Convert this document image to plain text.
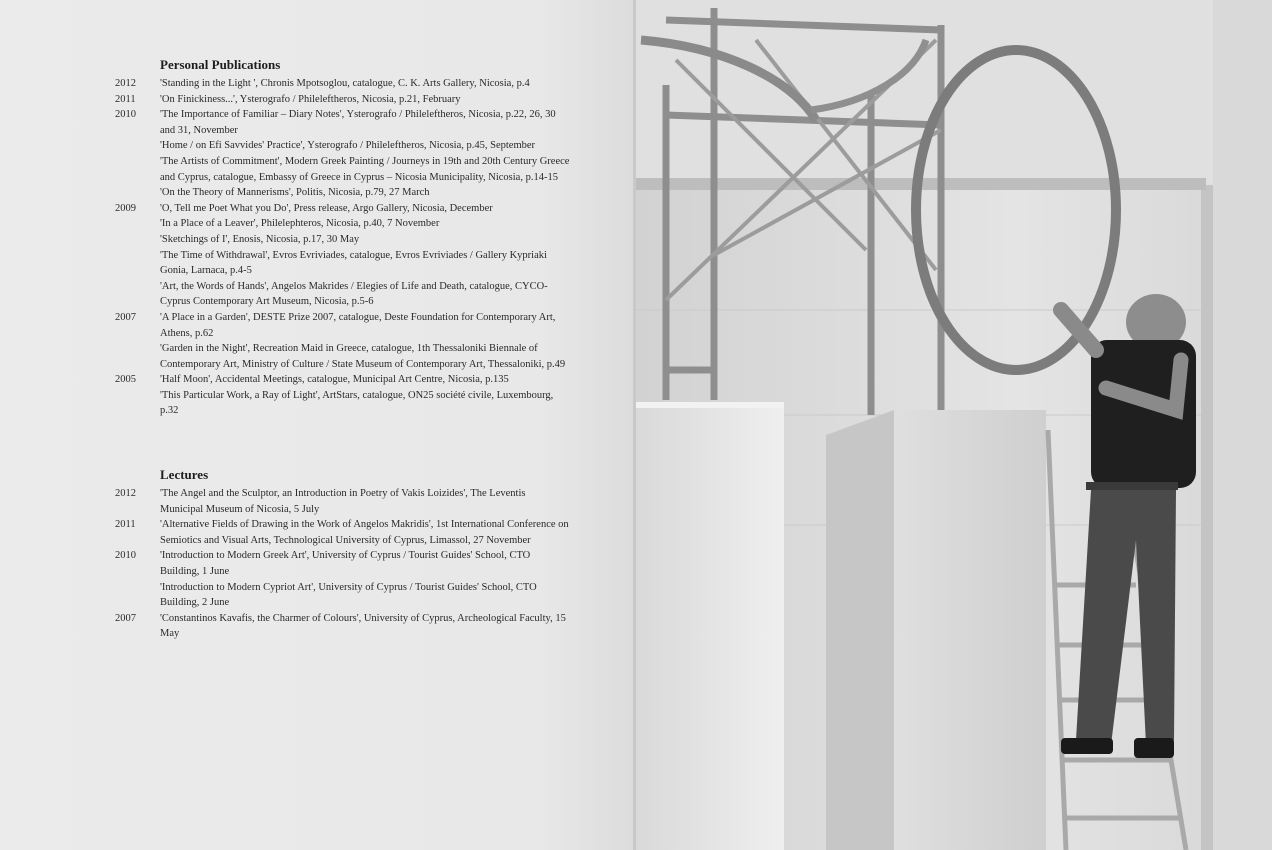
Personal Publications
2012 'Standing in the Light ', Chronis Mpotsoglou, catalogue, C. K. Arts Gallery, Nicosia, p.4
2011 'On Finickiness...', Ysterografo / Phileleftheros, Nicosia, p.21, February
2010 'The Importance of Familiar – Diary Notes', Ysterografo / Phileleftheros, Nicosia, p.22, 26, 30 and 31, November
'Home / on Efi Savvides' Practice', Ysterografo / Phileleftheros, Nicosia, p.45, September
'The Artists of Commitment', Modern Greek Painting / Journeys in 19th and 20th Century Greece and Cyprus, catalogue, Embassy of Greece in Cyprus – Nicosia Municipality, Nicosia, p.14-15
'On the Theory of Mannerisms', Politis, Nicosia, p.79, 27 March
2009 'O, Tell me Poet What you Do', Press release, Argo Gallery, Nicosia, December
'In a Place of a Leaver', Philelephteros, Nicosia, p.40, 7 November
'Sketchings of I', Enosis, Nicosia, p.17, 30 May
'The Time of Withdrawal', Evros Evriviades, catalogue, Evros Evriviades / Gallery Kypriaki Gonia, Larnaca, p.4-5
'Art, the Words of Hands', Angelos Makrides / Elegies of Life and Death, catalogue, CYCO-Cyprus Contemporary Art Museum, Nicosia, p.5-6
2007 'A Place in a Garden', DESTE Prize 2007, catalogue, Deste Foundation for Contemporary Art, Athens, p.62
'Garden in the Night', Recreation Maid in Greece, catalogue, 1th Thessaloniki Biennale of Contemporary Art, Ministry of Culture / State Museum of Contemporary Art, Thessaloniki, p.49
2005 'Half Moon', Accidental Meetings, catalogue, Municipal Art Centre, Nicosia, p.135
'This Particular Work, a Ray of Light', ArtStars, catalogue, ON25 société civile, Luxembourg, p.32
Lectures
2012 'The Angel and the Sculptor, an Introduction in Poetry of Vakis Loizides', The Leventis Municipal Museum of Nicosia, 5 July
2011 'Alternative Fields of Drawing in the Work of Angelos Makridis', 1st International Conference on Semiotics and Visual Arts, Technological University of Cyprus, Limassol, 27 November
2010 'Introduction to Modern Greek Art', University of Cyprus / Tourist Guides' School, CTO Building, 1 June
'Introduction to Modern Cypriot Art', University of Cyprus / Tourist Guides' School, CTO Building, 2 June
2007 'Constantinos Kavafis, the Charmer of Colours', University of Cyprus, Archeological Faculty, 15 May
